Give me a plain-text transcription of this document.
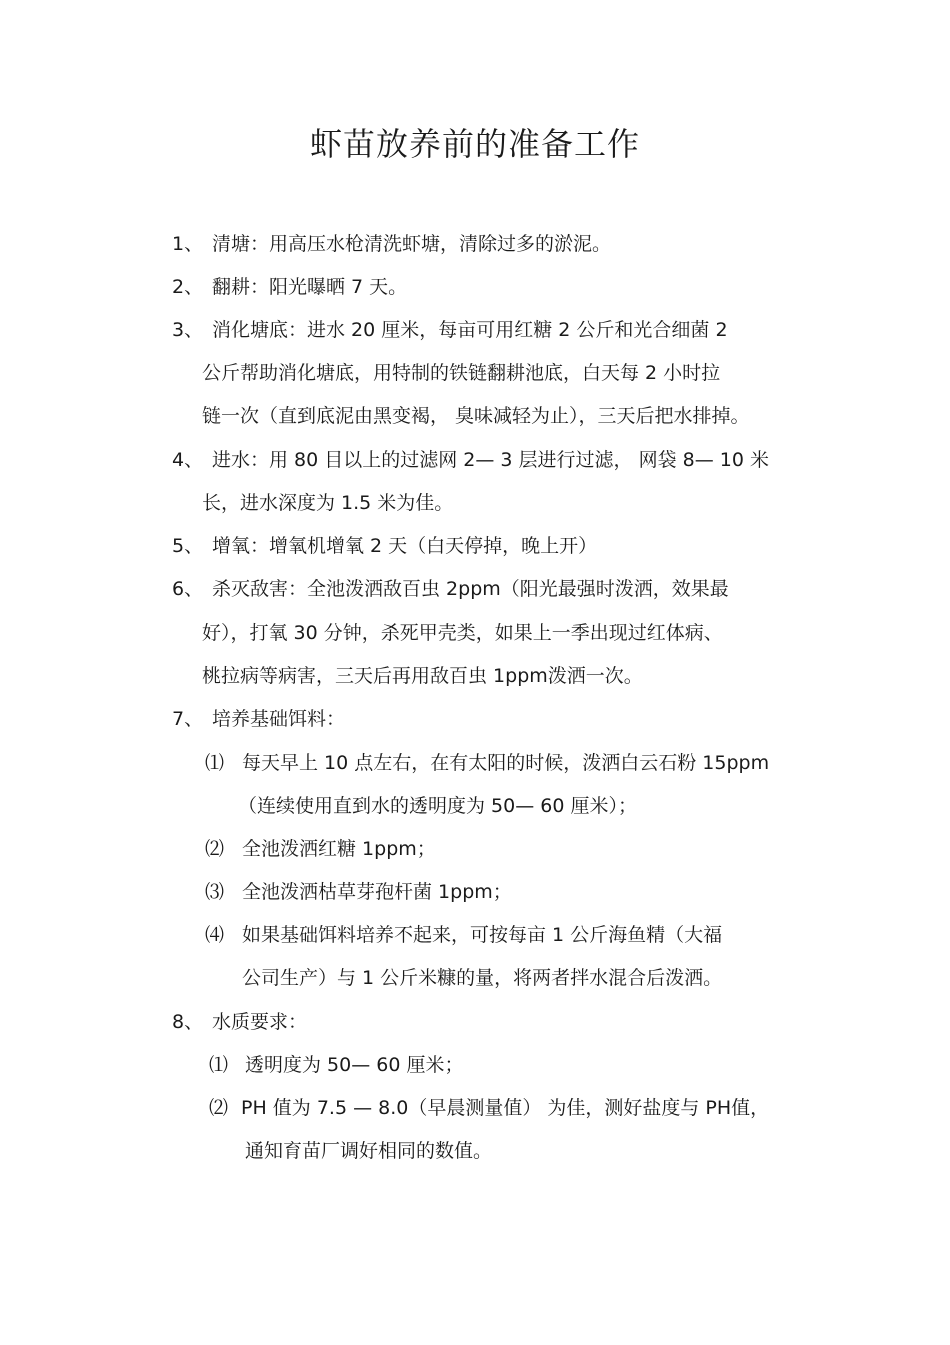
虾苗放养前的准备工作
1、 清塘：用高压水枪清洗虾塘，清除过多的淤泥。
2、 翻耕：阳光曝晒 7 天。
3、 消化塘底：进水 20 厘米，每亩可用红糖 2 公斤和光合细菌 2
公斤帮助消化塘底，用特制的铁链翻耕池底，白天每 2 小时拉
链一次（直到底泥由黑变褐， 臭味减轻为止），三天后把水排掉。
4、 进水：用 80 目以上的过滤网 2— 3 层进行过滤， 网袋 8— 10 米
长，进水深度为 1.5 米为佳。
5、 增氧：增氧机增氧 2 天（白天停掉，晚上开）
6、 杀灭敌害：全池泼洒敌百虫 2ppm（阳光最强时泼洒，效果最
好），打氧 30 分钟，杀死甲壳类，如果上一季出现过红体病、
桃拉病等病害，三天后再用敌百虫 1ppm泼洒一次。
7、 培养基础饵料：
⑴ 每天早上 10 点左右，在有太阳的时候，泼洒白云石粉 15ppm
（连续使用直到水的透明度为 50— 60 厘米）；
⑵ 全池泼洒红糖 1ppm；
⑶ 全池泼洒枯草芽孢杆菌 1ppm；
⑷ 如果基础饵料培养不起来，可按每亩 1 公斤海鱼精（大福
公司生产）与 1 公斤米糠的量，将两者拌水混合后泼洒。
8、 水质要求：
⑴ 透明度为 50— 60 厘米；
⑵ PH 值为 7.5 — 8.0（早晨测量值） 为佳，测好盐度与 PH值，
通知育苗厂调好相同的数值。
